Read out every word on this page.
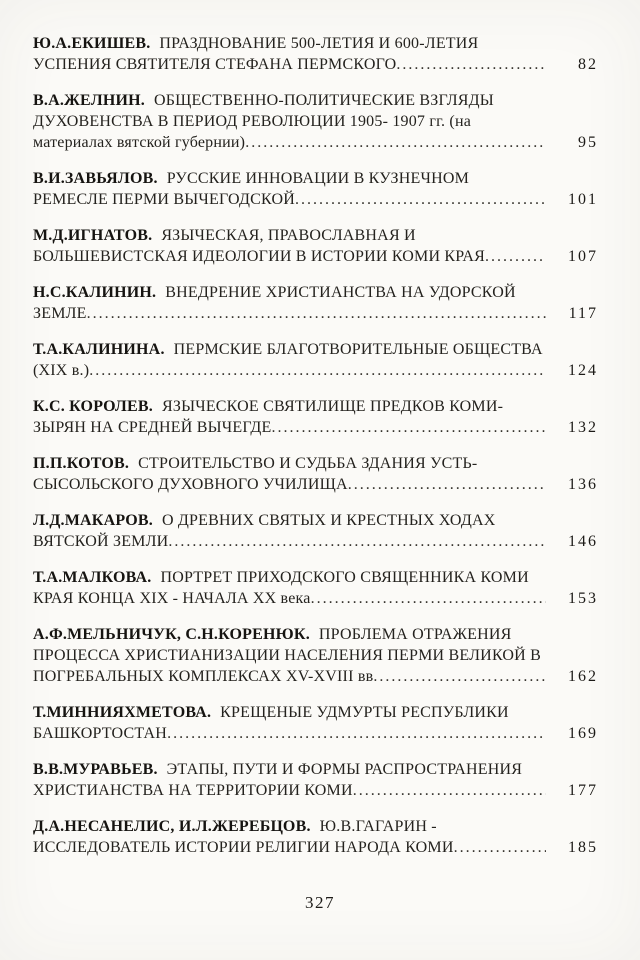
Ю.А.ЕКИШЕВ. ПРАЗДНОВАНИЕ 500-ЛЕТИЯ И 600-ЛЕТИЯ УСПЕНИЯ СВЯТИТЕЛЯ СТЕФАНА ПЕРМСКОГО	82
В.А.ЖЕЛНИН. ОБЩЕСТВЕННО-ПОЛИТИЧЕСКИЕ ВЗГЛЯДЫ ДУХОВЕНСТВА В ПЕРИОД РЕВОЛЮЦИИ 1905- 1907 гг. (на материалах вятской губернии)	95
В.И.ЗАВЬЯЛОВ. РУССКИЕ ИННОВАЦИИ В КУЗНЕЧНОМ РЕМЕСЛЕ ПЕРМИ ВЫЧЕГОДСКОЙ	101
М.Д.ИГНАТОВ. ЯЗЫЧЕСКАЯ, ПРАВОСЛАВНАЯ И БОЛЬШЕВИСТСКАЯ ИДЕОЛОГИИ В ИСТОРИИ КОМИ КРАЯ	107
Н.С.КАЛИНИН. ВНЕДРЕНИЕ ХРИСТИАНСТВА НА УДОРСКОЙ ЗЕМЛЕ	117
Т.А.КАЛИНИНА. ПЕРМСКИЕ БЛАГОТВОРИТЕЛЬНЫЕ ОБЩЕСТВА (XIX в.)	124
К.С. КОРОЛЕВ. ЯЗЫЧЕСКОЕ СВЯТИЛИЩЕ ПРЕДКОВ КОМИ-ЗЫРЯН НА СРЕДНЕЙ ВЫЧЕГДЕ	132
П.П.КОТОВ. СТРОИТЕЛЬСТВО И СУДЬБА ЗДАНИЯ УСТЬ-СЫСОЛЬСКОГО ДУХОВНОГО УЧИЛИЩА	136
Л.Д.МАКАРОВ. О ДРЕВНИХ СВЯТЫХ И КРЕСТНЫХ ХОДАХ ВЯТСКОЙ ЗЕМЛИ	146
Т.А.МАЛКОВА. ПОРТРЕТ ПРИХОДСКОГО СВЯЩЕННИКА КОМИ КРАЯ КОНЦА XIX - НАЧАЛА XX века	153
А.Ф.МЕЛЬНИЧУК, С.Н.КОРЕНЮК. ПРОБЛЕМА ОТРАЖЕНИЯ ПРОЦЕССА ХРИСТИАНИЗАЦИИ НАСЕЛЕНИЯ ПЕРМИ ВЕЛИКОЙ В ПОГРЕБАЛЬНЫХ КОМПЛЕКСАХ XV-XVIII вв	162
Т.МИННИЯХМЕТОВА. КРЕЩЕНЫЕ УДМУРТЫ РЕСПУБЛИКИ БАШКОРТОСТАН	169
В.В.МУРАВЬЕВ. ЭТАПЫ, ПУТИ И ФОРМЫ РАСПРОСТРАНЕНИЯ ХРИСТИАНСТВА НА ТЕРРИТОРИИ КОМИ	177
Д.А.НЕСАНЕЛИС, И.Л.ЖЕРЕБЦОВ. Ю.В.ГАГАРИН - ИССЛЕДОВАТЕЛЬ ИСТОРИИ РЕЛИГИИ НАРОДА КОМИ	185
327
